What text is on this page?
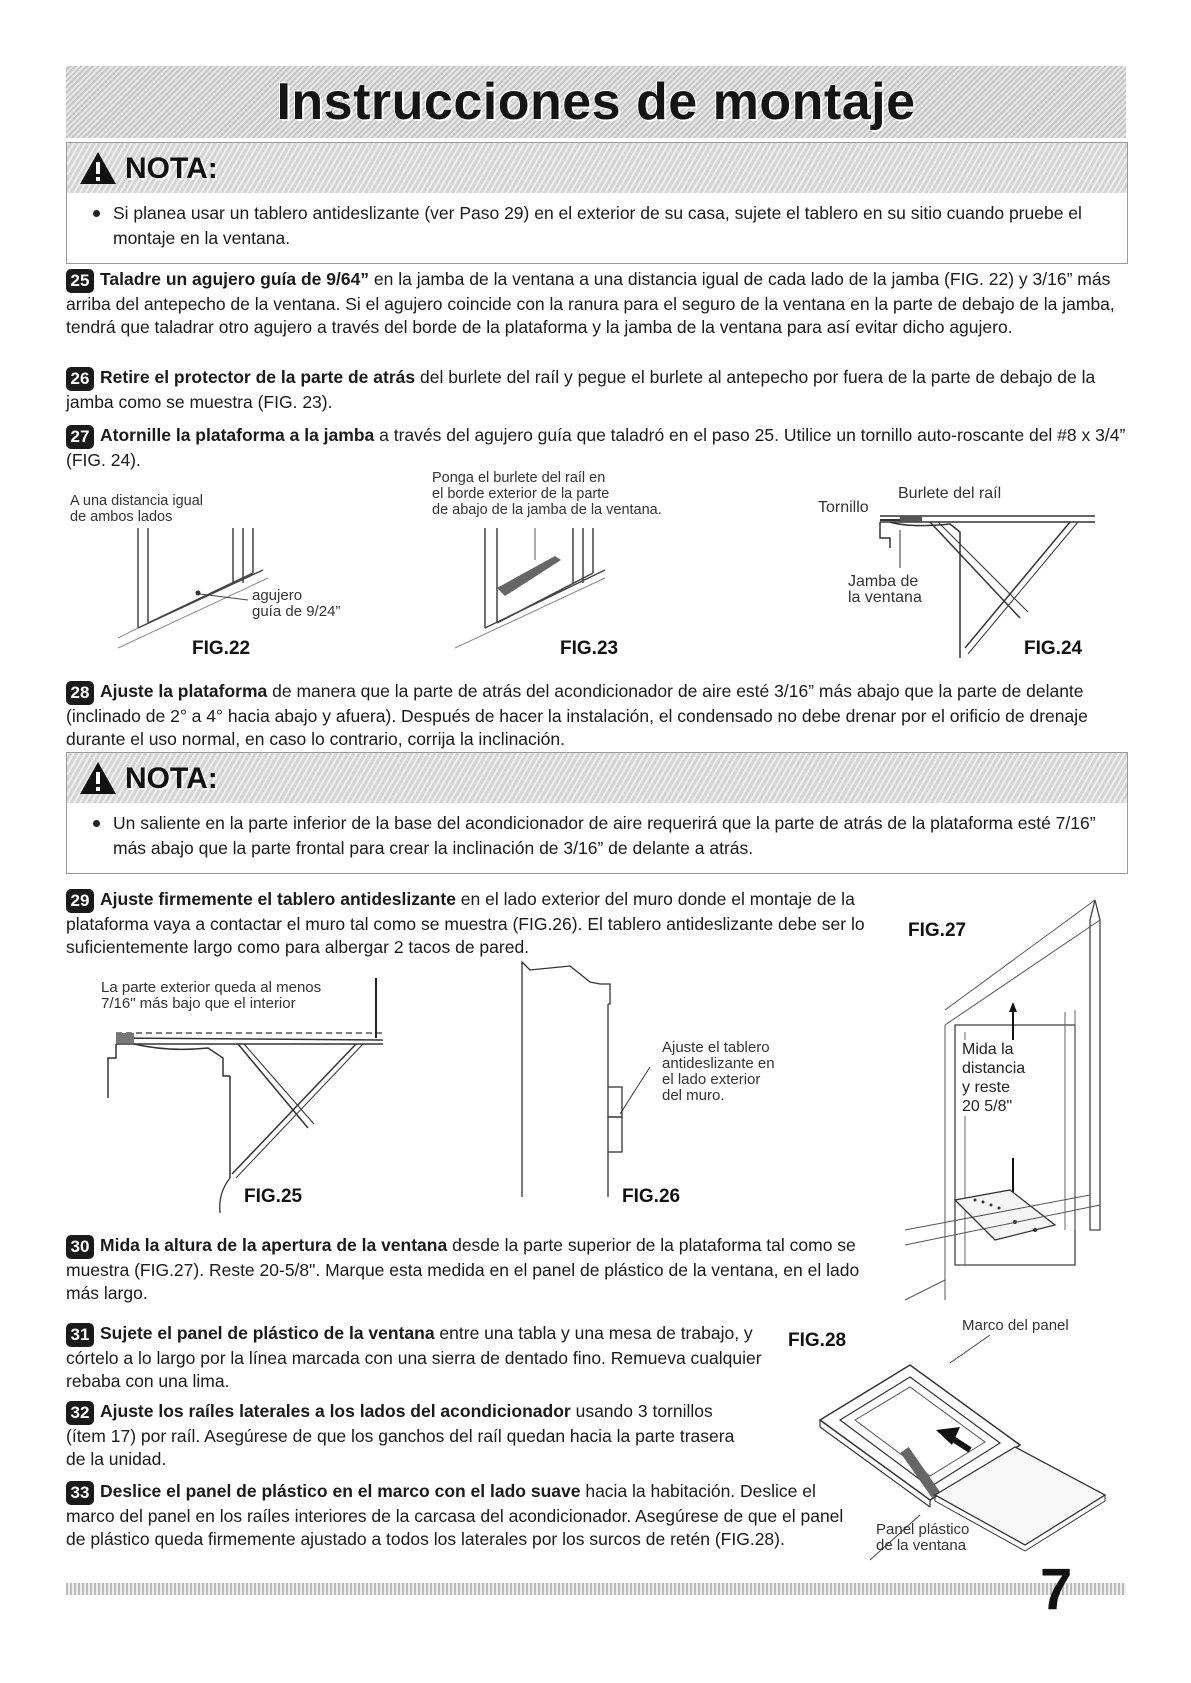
Instrucciones de montaje
NOTA:
Si planea usar un tablero antideslizante (ver Paso 29) en el exterior de su casa, sujete el tablero en su sitio cuando pruebe el montaje en la ventana.
25 Taladre un agujero guía de 9/64” en la jamba de la ventana a una distancia igual de cada lado de la jamba (FIG. 22) y 3/16” más arriba del antepecho de la ventana. Si el agujero coincide con la ranura para el seguro de la ventana en la parte de debajo de la jamba, tendrá que taladrar otro agujero a través del borde de la plataforma y la jamba de la ventana para así evitar dicho agujero.
26 Retire el protector de la parte de atrás del burlete del raíl y pegue el burlete al antepecho por fuera de la parte de debajo de la jamba como se muestra (FIG. 23).
27 Atornille la plataforma a la jamba a través del agujero guía que taladró en el paso 25. Utilice un tornillo auto-roscante del #8 x 3/4” (FIG. 24).
A una distancia igual
de ambos lados
agujero
guía de 9/24”
FIG.22
Ponga el burlete del raíl en
el borde exterior de la parte
de abajo de la jamba de la ventana.
FIG.23
Tornillo
Burlete del raíl
Jamba de
la ventana
FIG.24
28 Ajuste la plataforma de manera que la parte de atrás del acondicionador de aire esté 3/16” más abajo que la parte de delante (inclinado de 2° a 4° hacia abajo y afuera). Después de hacer la instalación, el condensado no debe drenar por el orificio de drenaje durante el uso normal, en caso lo contrario, corrija la inclinación.
NOTA:
Un saliente en la parte inferior de la base del acondicionador de aire requerirá que la parte de atrás de la plataforma esté 7/16” más abajo que la parte frontal para crear la inclinación de 3/16” de delante a atrás.
29 Ajuste firmemente el tablero antideslizante en el lado exterior del muro donde el montaje de la plataforma vaya a contactar el muro tal como se muestra (FIG.26). El tablero antideslizante debe ser lo suficientemente largo como para albergar 2 tacos de pared.
La parte exterior queda al menos
7/16" más bajo que el interior
FIG.25
Ajuste el tablero
antideslizante en
el lado exterior
del muro.
FIG.26
FIG.27
Mida la
distancia
y reste
20 5/8"
30 Mida la altura de la apertura de la ventana desde la parte superior de la plataforma tal como se muestra (FIG.27). Reste 20-5/8". Marque esta medida en el panel de plástico de la ventana, en el lado más largo.
31 Sujete el panel de plástico de la ventana entre una tabla y una mesa de trabajo, y córtelo a lo largo por la línea marcada con una sierra de dentado fino. Remueva cualquier rebaba con una lima.
32 Ajuste los raíles laterales a los lados del acondicionador usando 3 tornillos (ítem 17) por raíl. Asegúrese de que los ganchos del raíl quedan hacia la parte trasera de la unidad.
33 Deslice el panel de plástico en el marco con el lado suave hacia la habitación. Deslice el marco del panel en los raíles interiores de la carcasa del acondicionador. Asegúrese de que el panel de plástico queda firmemente ajustado a todos los laterales por los surcos de retén (FIG.28).
FIG.28
Marco del panel
Panel plástico
de la ventana
7
